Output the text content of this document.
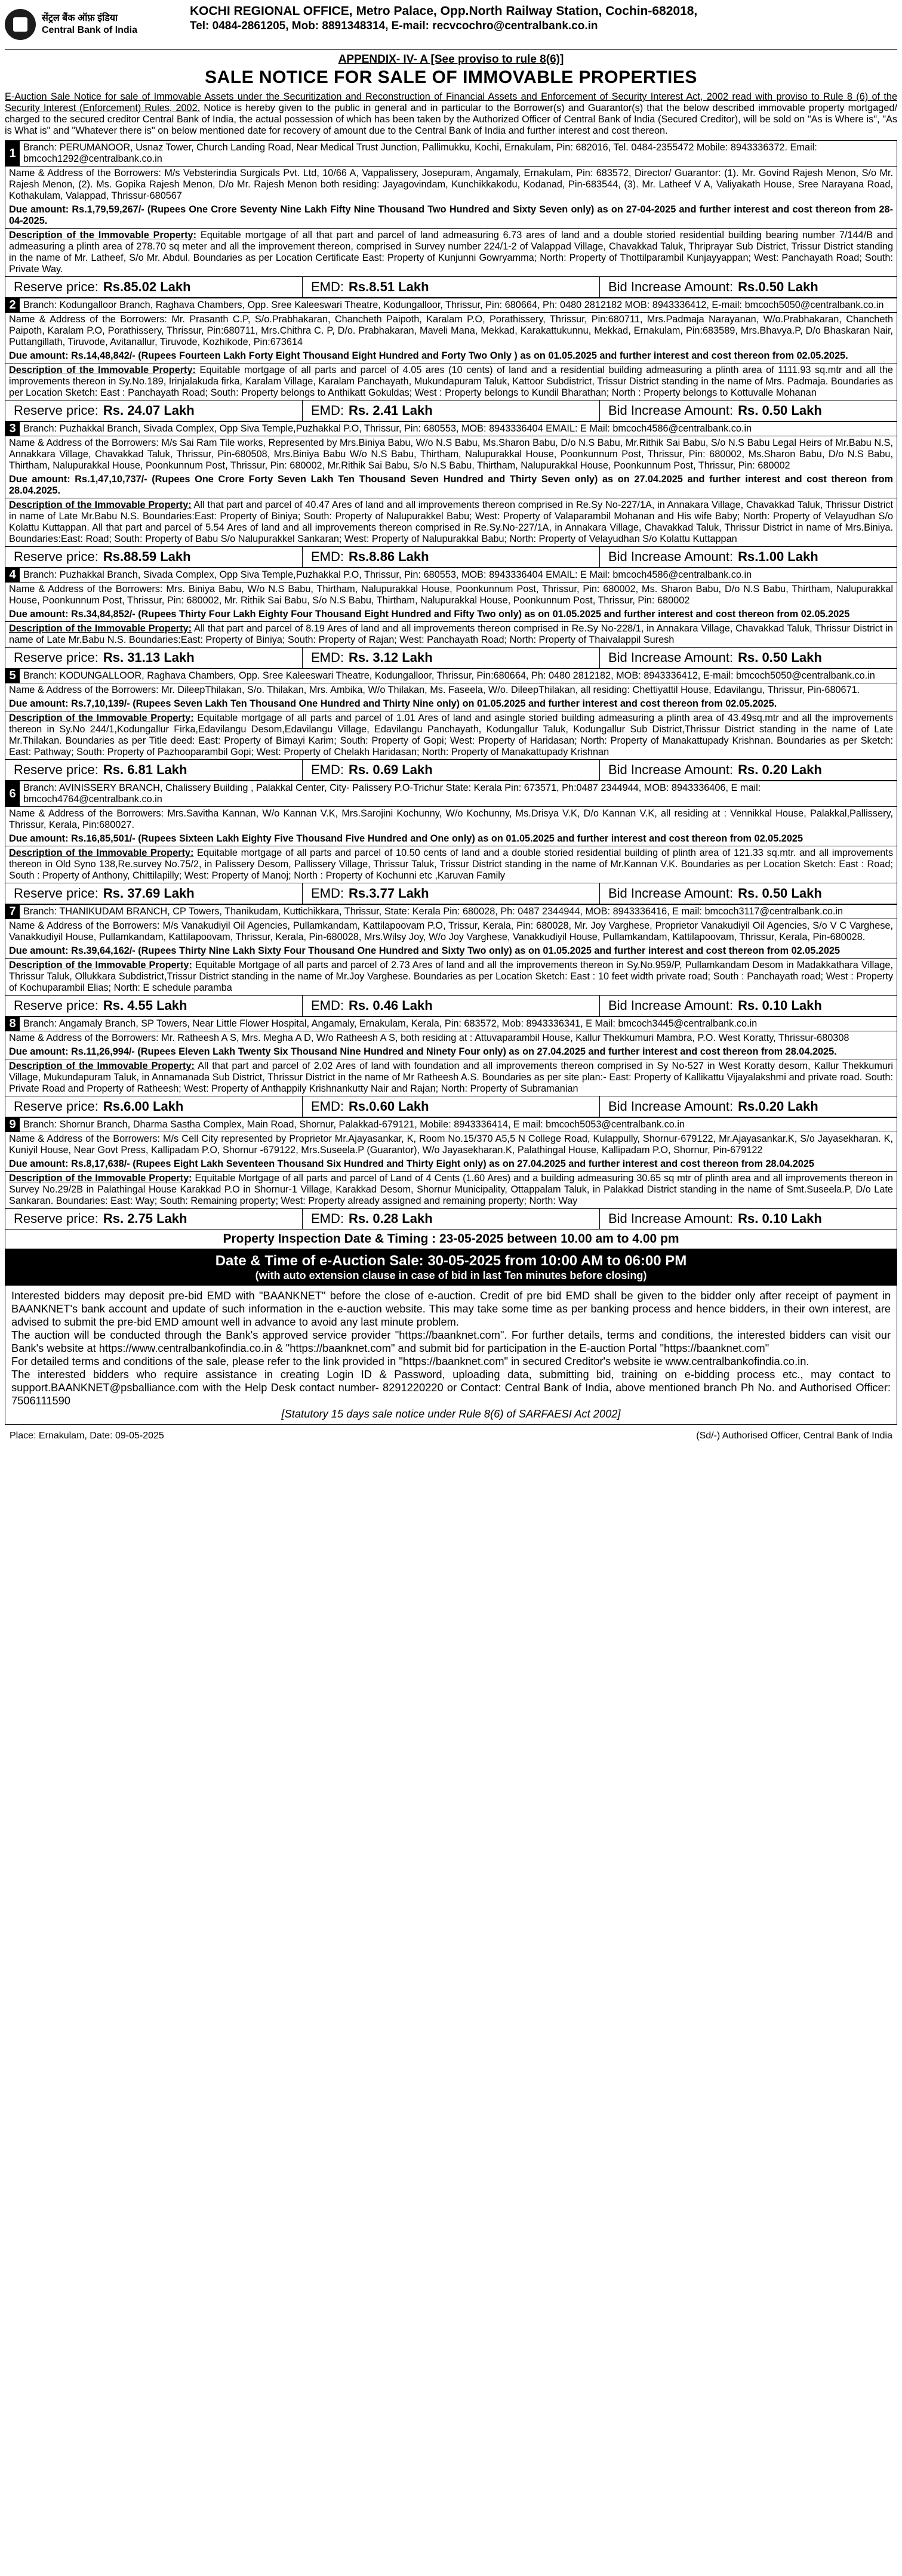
सेंट्रल बैंक ऑफ़ इंडिया
Central Bank of India
KOCHI REGIONAL OFFICE, Metro Palace, Opp.North Railway Station, Cochin-682018,
Tel: 0484-2861205, Mob: 8891348314, E-mail: recvcochro@centralbank.co.in
APPENDIX- IV- A [See proviso to rule 8(6)]
SALE NOTICE FOR SALE OF IMMOVABLE PROPERTIES
E-Auction Sale Notice for sale of Immovable Assets under the Securitization and Reconstruction of Financial Assets and Enforcement of Security Interest Act, 2002 read with proviso to Rule 8 (6) of the Security Interest (Enforcement) Rules, 2002. Notice is hereby given to the public in general and in particular to the Borrower(s) and Guarantor(s) that the below described immovable property mortgaged/ charged to the secured creditor Central Bank of India, the actual possession of which has been taken by the Authorized Officer of Central Bank of India (Secured Creditor), will be sold on "As is Where is", "As is What is" and "Whatever there is" on below mentioned date for recovery of amount due to the Central Bank of India and further interest and cost thereon.
1 Branch: PERUMANOOR, Usnaz Tower, Church Landing Road, Near Medical Trust Junction, Pallimukku, Kochi, Ernakulam, Pin: 682016, Tel. 0484-2355472 Mobile: 8943336372. Email: bmcoch1292@centralbank.co.in

Name & Address of the Borrowers: M/s Vebsterindia Surgicals Pvt. Ltd, 10/66 A, Vappalissery, Josepuram, Angamaly, Ernakulam, Pin: 683572, Director/ Guarantor: (1). Mr. Govind Rajesh Menon, S/o Mr. Rajesh Menon, (2). Ms. Gopika Rajesh Menon, D/o Mr. Rajesh Menon both residing: Jayagovindam, Kunchikkakodu, Kodanad, Pin-683544, (3). Mr. Latheef V A, Valiyakath House, Sree Narayana Road, Kothakulam, Valappad, Thrissur-680567

Due amount: Rs.1,79,59,267/- (Rupees One Crore Seventy Nine Lakh Fifty Nine Thousand Two Hundred and Sixty Seven only) as on 27-04-2025 and further interest and cost thereon from 28-04-2025.

Description of the Immovable Property: Equitable mortgage of all that part and parcel of land admeasuring 6.73 ares of land and a double storied residential building bearing number 7/144/B and admeasuring a plinth area of 278.70 sq meter and all the improvement thereon, comprised in Survey number 224/1-2 of Valappad Village, Chavakkad Taluk, Thriprayar Sub District, Trissur District standing in the name of Mr. Latheef, S/o Mr. Abdul. Boundaries as per Location Certificate East: Property of Kunjunni Gowryamma; North: Property of Thottilparambil Kunjayyappan; West: Panchayath Road; South: Private Way.

Reserve price: Rs.85.02 Lakh	EMD: Rs.8.51 Lakh	Bid Increase Amount: Rs.0.50 Lakh
2 Branch: Kodungalloor Branch, Raghava Chambers, Opp. Sree Kaleeswari Theatre, Kodungalloor, Thrissur, Pin: 680664, Ph: 0480 2812182 MOB: 8943336412, E-mail: bmcoch5050@centralbank.co.in

Name & Address of the Borrowers: Mr. Prasanth C.P, S/o.Prabhakaran, Chancheth Paipoth, Karalam P.O, Porathissery, Thrissur, Pin:680711, Mrs.Padmaja Narayanan, W/o.Prabhakaran, Chancheth Paipoth, Karalam P.O, Porathissery, Thrissur, Pin:680711, Mrs.Chithra C. P, D/o. Prabhakaran, Maveli Mana, Mekkad, Karakattukunnu, Mekkad, Ernakulam, Pin:683589, Mrs.Bhavya.P, D/o Bhaskaran Nair, Puttangillath, Tiruvode, Avitanallur, Tiruvode, Kozhikode, Pin:673614

Due amount: Rs.14,48,842/- (Rupees Fourteen Lakh Forty Eight Thousand Eight Hundred and Forty Two Only ) as on 01.05.2025 and further interest and cost thereon from 02.05.2025.

Description of the Immovable Property: Equitable mortgage of all parts and parcel of 4.05 ares (10 cents) of land and a residential building admeasuring a plinth area of 1111.93 sq.mtr and all the improvements thereon in Sy.No.189, Irinjalakuda firka, Karalam Village, Karalam Panchayath, Mukundapuram Taluk, Kattoor Subdistrict, Trissur District standing in the name of Mrs. Padmaja. Boundaries as per Location Sketch: East : Panchayath Road; South: Property belongs to Anthikatt Gokuldas; West : Property belongs to Kundil Bharathan; North : Property belongs to Kottuvalle Mohanan

Reserve price: Rs. 24.07 Lakh	EMD: Rs. 2.41 Lakh	Bid Increase Amount: Rs. 0.50 Lakh
3 Branch: Puzhakkal Branch, Sivada Complex, Opp Siva Temple,Puzhakkal P.O, Thrissur, Pin: 680553, MOB: 8943336404 EMAIL: E Mail: bmcoch4586@centralbank.co.in

Name & Address of the Borrowers: M/s Sai Ram Tile works, Represented by Mrs.Biniya Babu, W/o N.S Babu, Ms.Sharon Babu, D/o N.S Babu, Mr.Rithik Sai Babu, S/o N.S Babu Legal Heirs of Mr.Babu N.S, Annakkara Village, Chavakkad Taluk, Thrissur, Pin-680508, Mrs.Biniya Babu W/o N.S Babu, Thirtham, Nalupurakkal House, Poonkunnum Post, Thrissur, Pin: 680002, Ms.Sharon Babu, D/o N.S Babu, Thirtham, Nalupurakkal House, Poonkunnum Post, Thrissur, Pin: 680002, Mr.Rithik Sai Babu, S/o N.S Babu, Thirtham, Nalupurakkal House, Poonkunnum Post, Thrissur, Pin: 680002

Due amount: Rs.1,47,10,737/- (Rupees One Crore Forty Seven Lakh Ten Thousand Seven Hundred and Thirty Seven only) as on 27.04.2025 and further interest and cost thereon from 28.04.2025.

Description of the Immovable Property: All that part and parcel of 40.47 Ares of land and all improvements thereon comprised in Re.Sy No-227/1A, in Annakara Village, Chavakkad Taluk, Thrissur District in name of Late Mr.Babu N.S. Boundaries:East: Property of Biniya; South: Property of Nalupurakkel Babu; West: Property of Valaparambil Mohanan and His wife Baby; North: Property of Velayudhan S/o Kolattu Kuttappan. All that part and parcel of 5.54 Ares of land and all improvements thereon comprised in Re.Sy.No-227/1A, in Annakara Village, Chavakkad Taluk, Thrissur District in name of Mrs.Biniya. Boundaries:East: Road; South: Property of Babu S/o Nalupurakkel Sankaran; West: Property of Nalupurakkal Babu; North: Property of Velayudhan S/o Kolattu Kuttappan

Reserve price: Rs.88.59 Lakh	EMD: Rs.8.86 Lakh	Bid Increase Amount: Rs.1.00 Lakh
4 Branch: Puzhakkal Branch, Sivada Complex, Opp Siva Temple,Puzhakkal P.O, Thrissur, Pin: 680553, MOB: 8943336404 EMAIL: E Mail: bmcoch4586@centralbank.co.in

Name & Address of the Borrowers: Mrs. Biniya Babu, W/o N.S Babu, Thirtham, Nalupurakkal House, Poonkunnum Post, Thrissur, Pin: 680002, Ms. Sharon Babu, D/o N.S Babu, Thirtham, Nalupurakkal House, Poonkunnum Post, Thrissur, Pin: 680002, Mr. Rithik Sai Babu, S/o N.S Babu, Thirtham, Nalupurakkal House, Poonkunnum Post, Thrissur, Pin: 680002

Due amount: Rs.34,84,852/- (Rupees Thirty Four Lakh Eighty Four Thousand Eight Hundred and Fifty Two only) as on 01.05.2025 and further interest and cost thereon from 02.05.2025

Description of the Immovable Property: All that part and parcel of 8.19 Ares of land and all improvements thereon comprised in Re.Sy No-228/1, in Annakara Village, Chavakkad Taluk, Thrissur District in name of Late Mr.Babu N.S. Boundaries:East: Property of Biniya; South: Property of Rajan; West: Panchayath Road; North: Property of Thaivalappil Suresh

Reserve price: Rs. 31.13 Lakh	EMD: Rs. 3.12 Lakh	Bid Increase Amount: Rs. 0.50 Lakh
5 Branch: KODUNGALLOOR, Raghava Chambers, Opp. Sree Kaleeswari Theatre, Kodungalloor, Thrissur, Pin:680664, Ph: 0480 2812182, MOB: 8943336412, E-mail: bmcoch5050@centralbank.co.in

Name & Address of the Borrowers: Mr. DileepThilakan, S/o. Thilakan, Mrs. Ambika, W/o Thilakan, Ms. Faseela, W/o. DileepThilakan, all residing: Chettiyattil House, Edavilangu, Thrissur, Pin-680671.

Due amount: Rs.7,10,139/- (Rupees Seven Lakh Ten Thousand One Hundred and Thirty Nine only) on 01.05.2025 and further interest and cost thereon from 02.05.2025.

Description of the Immovable Property: Equitable mortgage of all parts and parcel of 1.01 Ares of land and asingle storied building admeasuring a plinth area of 43.49sq.mtr and all the improvements thereon in Sy.No 244/1,Kodungallur Firka,Edavilangu Desom,Edavilangu Village, Edavilangu Panchayath, Kodungallur Taluk, Kodungallur Sub District,Thrissur District standing in the name of Late Mr.Thilakan. Boundaries as per Title deed: East: Property of Bimayi Karim; South: Property of Gopi; West: Property of Haridasan; North: Property of Manakattupady Krishnan. Boundaries as per Sketch: East: Pathway; South: Property of Pazhooparambil Gopi; West: Property of Chelakh Haridasan; North: Property of Manakattupady Krishnan

Reserve price: Rs. 6.81 Lakh	EMD: Rs. 0.69 Lakh	Bid Increase Amount: Rs. 0.20 Lakh
6 Branch: AVINISSERY BRANCH, Chalissery Building , Palakkal Center, City- Palissery P.O-Trichur State: Kerala Pin: 673571, Ph:0487 2344944, MOB: 8943336406, E mail: bmcoch4764@centralbank.co.in

Name & Address of the Borrowers: Mrs.Savitha Kannan, W/o Kannan V.K, Mrs.Sarojini Kochunny, W/o Kochunny, Ms.Drisya V.K, D/o Kannan V.K, all residing at : Vennikkal House, Palakkal,Pallissery, Thrissur, Kerala, Pin:680027.

Due amount: Rs.16,85,501/- (Rupees Sixteen Lakh Eighty Five Thousand Five Hundred and One only) as on 01.05.2025 and further interest and cost thereon from 02.05.2025

Description of the Immovable Property: Equitable mortgage of all parts and parcel of 10.50 cents of land and a double storied residential building of plinth area of 121.33 sq.mtr. and all improvements thereon in Old Syno 138,Re.survey No.75/2, in Palissery Desom, Pallissery Village, Thrissur Taluk, Trissur District standing in the name of Mr.Kannan V.K. Boundaries as per Location Sketch: East : Road; South : Property of Anthony, Chittilapilly; West: Property of Manoj; North : Property of Kochunni etc ,Karuvan Family

Reserve price: Rs. 37.69 Lakh	EMD: Rs.3.77 Lakh	Bid Increase Amount: Rs. 0.50 Lakh
7 Branch: THANIKUDAM BRANCH, CP Towers, Thanikudam, Kuttichikkara, Thrissur, State: Kerala Pin: 680028, Ph: 0487 2344944, MOB: 8943336416, E mail: bmcoch3117@centralbank.co.in

Name & Address of the Borrowers: M/s Vanakudiyil Oil Agencies, Pullamkandam, Kattilapoovam P.O, Trissur, Kerala, Pin: 680028, Mr. Joy Varghese, Proprietor Vanakudiyil Oil Agencies, S/o V C Varghese, Vanakkudiyil House, Pullamkandam, Kattilapoovam, Thrissur, Kerala, Pin-680028, Mrs.Wilsy Joy, W/o Joy Varghese, Vanakkudiyil House, Pullamkandam, Kattilapoovam, Thrissur, Kerala, Pin-680028.

Due amount: Rs.39,64,162/- (Rupees Thirty Nine Lakh Sixty Four Thousand One Hundred and Sixty Two only) as on 01.05.2025 and further interest and cost thereon from 02.05.2025

Description of the Immovable Property: Equitable Mortgage of all parts and parcel of 2.73 Ares of land and all the improvements thereon in Sy.No.959/P, Pullamkandam Desom in Madakkathara Village, Thrissur Taluk, Ollukkara Subdistrict,Trissur District standing in the name of Mr.Joy Varghese. Boundaries as per Location Sketch: East : 10 feet width private road; South : Panchayath road; West : Property of Kochuparambil Elias; North: E schedule paramba

Reserve price: Rs. 4.55 Lakh	EMD: Rs. 0.46 Lakh	Bid Increase Amount: Rs. 0.10 Lakh
8 Branch: Angamaly Branch, SP Towers, Near Little Flower Hospital, Angamaly, Ernakulam, Kerala, Pin: 683572, Mob: 8943336341, E Mail: bmcoch3445@centralbank.co.in

Name & Address of the Borrowers: Mr. Ratheesh A S, Mrs. Megha A D, W/o Ratheesh A S, both residing at : Attuvaparambil House, Kallur Thekkumuri Mambra, P.O. West Koratty, Thrissur-680308

Due amount: Rs.11,26,994/- (Rupees Eleven Lakh Twenty Six Thousand Nine Hundred and Ninety Four only) as on 27.04.2025 and further interest and cost thereon from 28.04.2025.

Description of the Immovable Property: All that part and parcel of 2.02 Ares of land with foundation and all improvements thereon comprised in Sy No-527 in West Koratty desom, Kallur Thekkumuri Village, Mukundapuram Taluk, in Annamanada Sub District, Thrissur District in the name of Mr Ratheesh A.S. Boundaries as per site plan:- East: Property of Kallikattu Vijayalakshmi and private road. South: Private Road and Property of Ratheesh; West: Property of Anthappily Krishnankutty Nair and Rajan; North: Property of Subramanian

Reserve price: Rs.6.00 Lakh	EMD: Rs.0.60 Lakh	Bid Increase Amount: Rs.0.20 Lakh
9 Branch: Shornur Branch, Dharma Sastha Complex, Main Road, Shornur, Palakkad-679121, Mobile: 8943336414, E mail: bmcoch5053@centralbank.co.in

Name & Address of the Borrowers: M/s Cell City represented by Proprietor Mr.Ajayasankar, K, Room No.15/370 A5,5 N College Road, Kulappully, Shornur-679122, Mr.Ajayasankar.K, S/o Jayasekharan. K, Kuniyil House, Near Govt Press, Kallipadam P.O, Shornur -679122, Mrs.Suseela.P (Guarantor), W/o Jayasekharan.K, Palathingal House, Kallipadam P.O, Shornur, Pin-679122

Due amount: Rs.8,17,638/- (Rupees Eight Lakh Seventeen Thousand Six Hundred and Thirty Eight only) as on 27.04.2025 and further interest and cost thereon from 28.04.2025

Description of the Immovable Property: Equitable Mortgage of all parts and parcel of Land of 4 Cents (1.60 Ares) and a building admeasuring 30.65 sq mtr of plinth area and all improvements thereon in Survey No.29/2B in Palathingal House Karakkad P.O in Shornur-1 Village, Karakkad Desom, Shornur Municipality, Ottappalam Taluk, in Palakkad District standing in the name of Smt.Suseela.P, D/o Late Sankaran. Boundaries: East: Way; South: Remaining property; West: Property already assigned and remaining property; North: Way

Reserve price: Rs. 2.75 Lakh	EMD: Rs. 0.28 Lakh	Bid Increase Amount: Rs. 0.10 Lakh
Property Inspection Date & Timing : 23-05-2025 between 10.00 am to 4.00 pm
Date & Time of e-Auction Sale: 30-05-2025 from 10:00 AM to 06:00 PM
(with auto extension clause in case of bid in last Ten minutes before closing)

Interested bidders may deposit pre-bid EMD with "BAANKNET" before the close of e-auction. Credit of pre bid EMD shall be given to the bidder only after receipt of payment in BAANKNET's bank account and update of such information in the e-auction website. This may take some time as per banking process and hence bidders, in their own interest, are advised to submit the pre-bid EMD amount well in advance to avoid any last minute problem.

The auction will be conducted through the Bank's approved service provider "https://baanknet.com". For further details, terms and conditions, the interested bidders can visit our Bank's website at https://www.centralbankofindia.co.in & "https://baanknet.com" and submit bid for participation in the E-auction Portal "https://baanknet.com"

For detailed terms and conditions of the sale, please refer to the link provided in "https://baanknet.com" in secured Creditor's website ie www.centralbankofindia.co.in.

The interested bidders who require assistance in creating Login ID & Password, uploading data, submitting bid, training on e-bidding process etc., may contact to support.BAANKNET@psballiance.com with the Help Desk contact number- 8291220220 or Contact: Central Bank of India, above mentioned branch Ph No. and Authorised Officer: 7506111590

[Statutory 15 days sale notice under Rule 8(6) of SARFAESI Act 2002]

Place: Ernakulam, Date: 09-05-2025	(Sd/-) Authorised Officer, Central Bank of India
